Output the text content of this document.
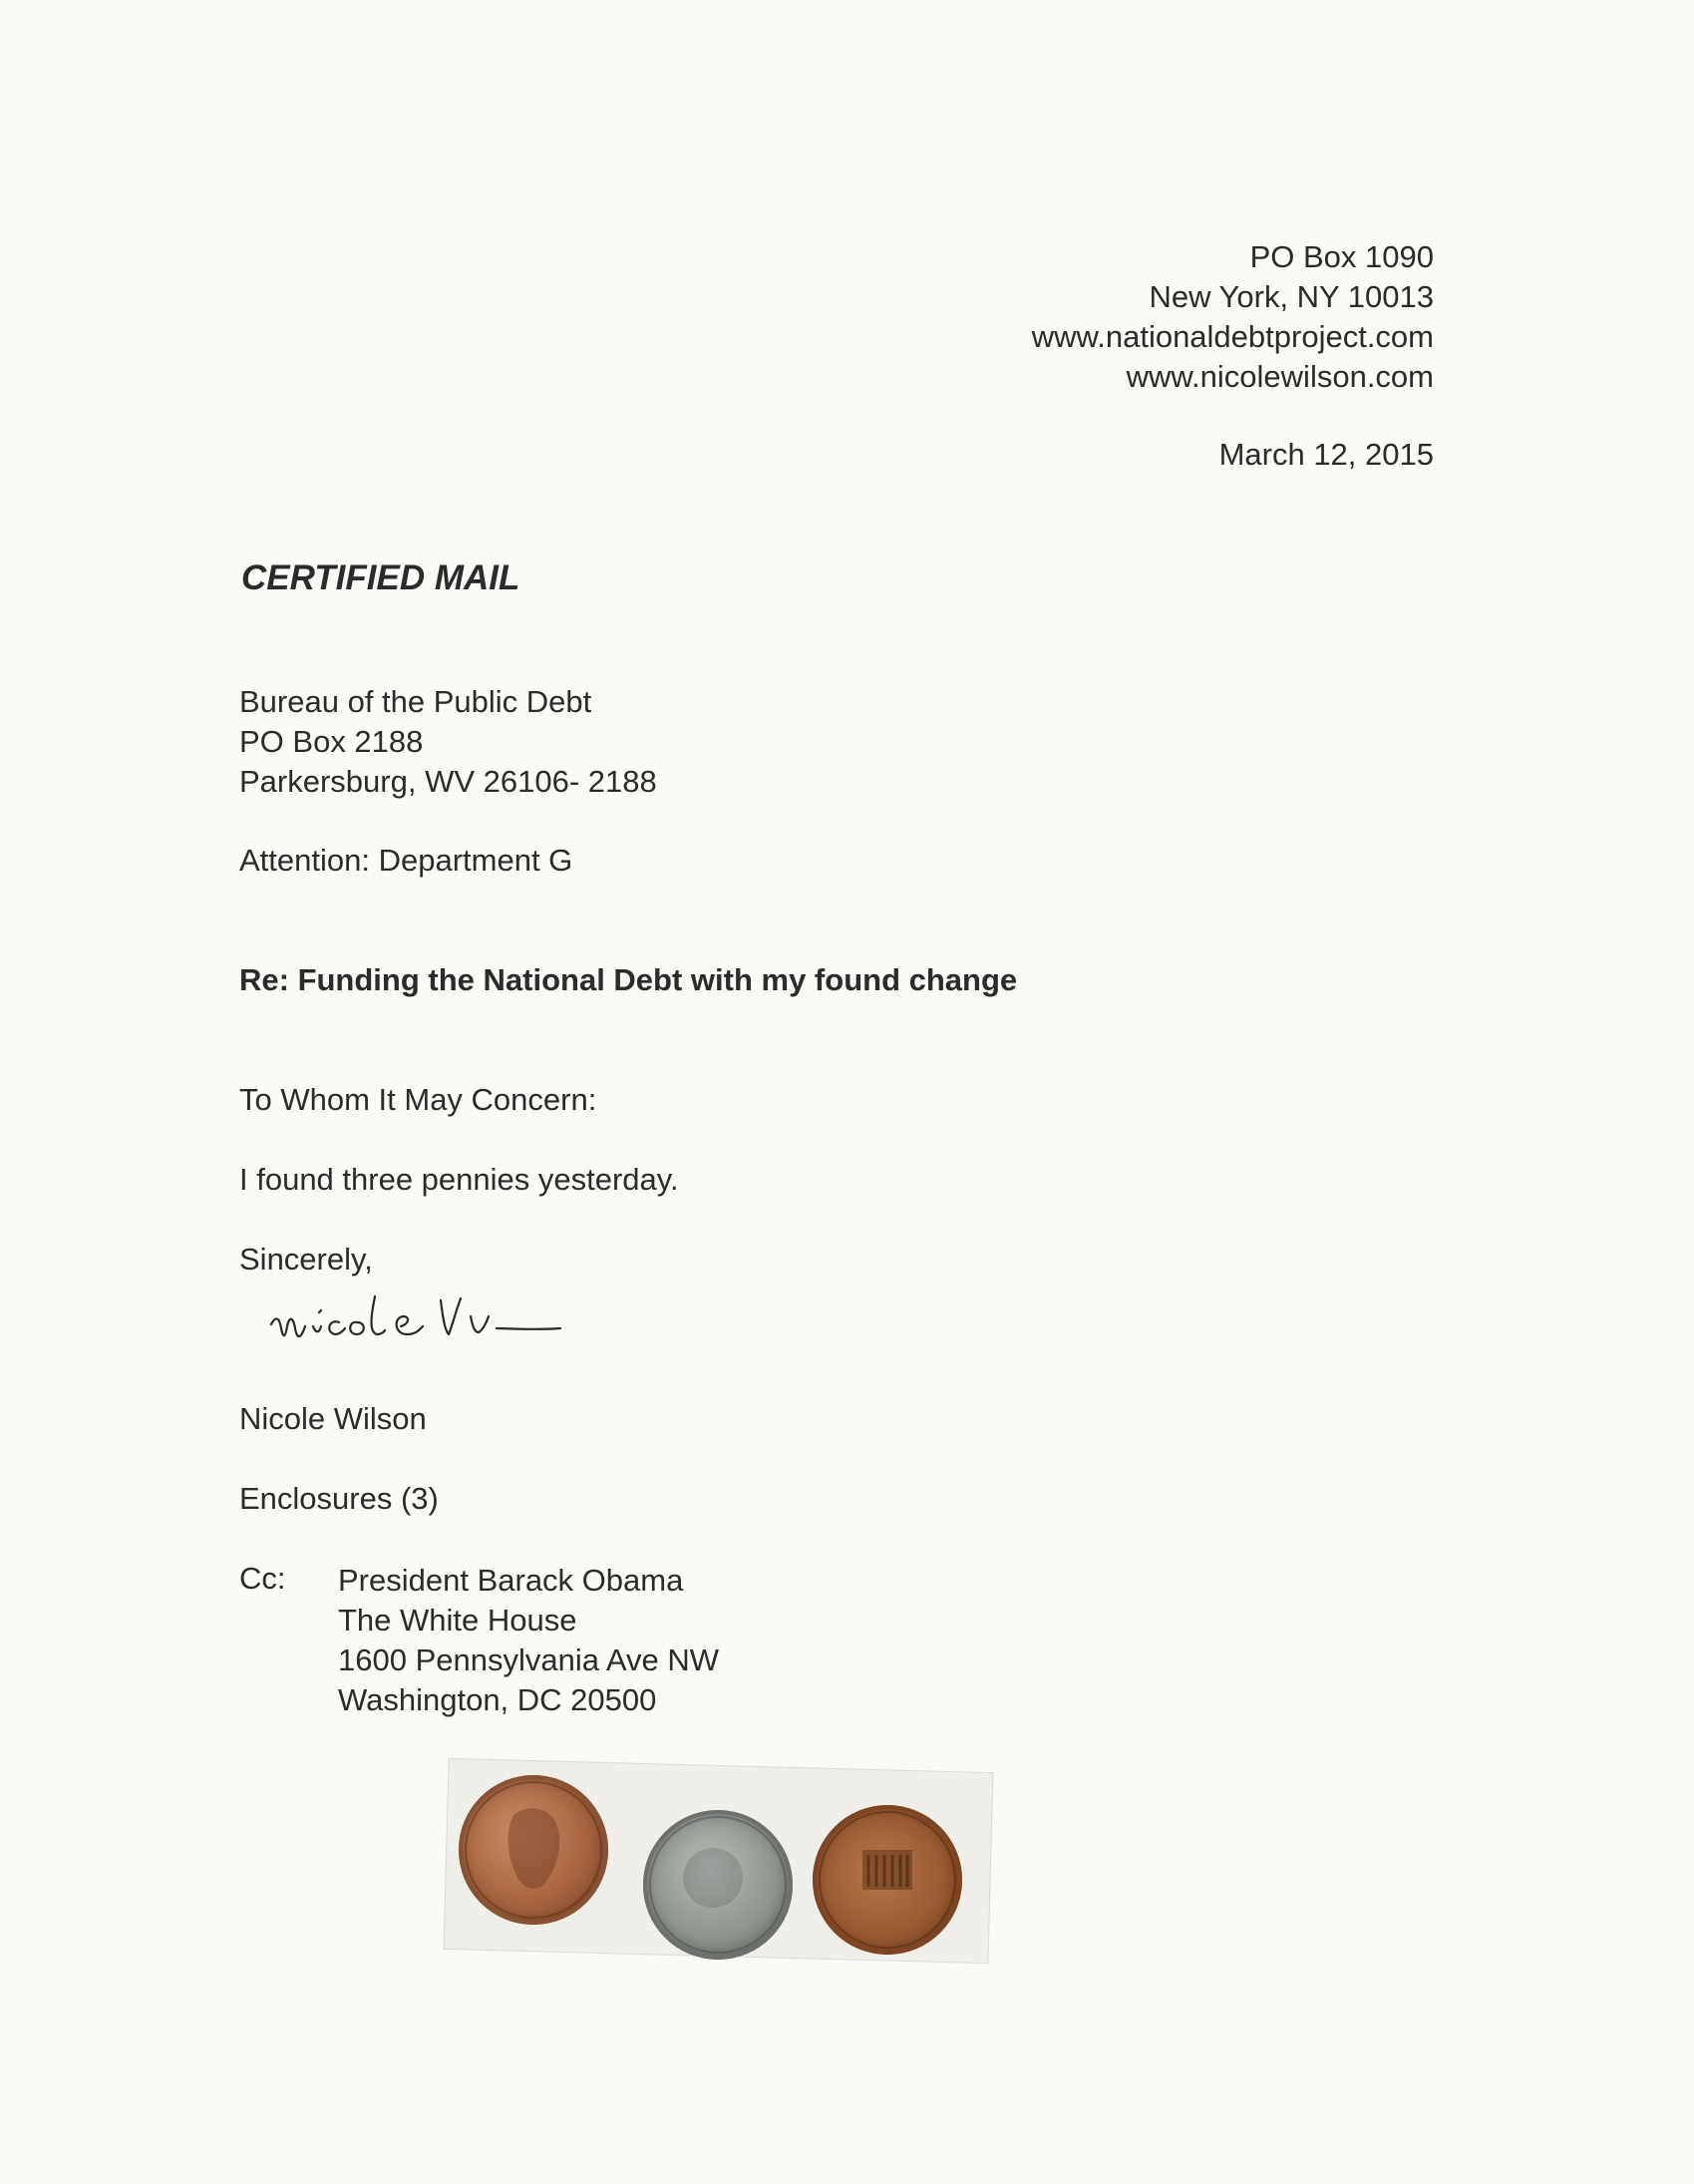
PO Box 1090
New York, NY 10013
www.nationaldebtproject.com
www.nicolewilson.com
March 12, 2015
CERTIFIED MAIL
Bureau of the Public Debt
PO Box 2188
Parkersburg, WV 26106- 2188
Attention: Department G
Re: Funding the National Debt with my found change
To Whom It May Concern:
I found three pennies yesterday.
Sincerely,
Nicole Wilson
Enclosures (3)
Cc: President Barack Obama
The White House
1600 Pennsylvania Ave NW
Washington, DC 20500
